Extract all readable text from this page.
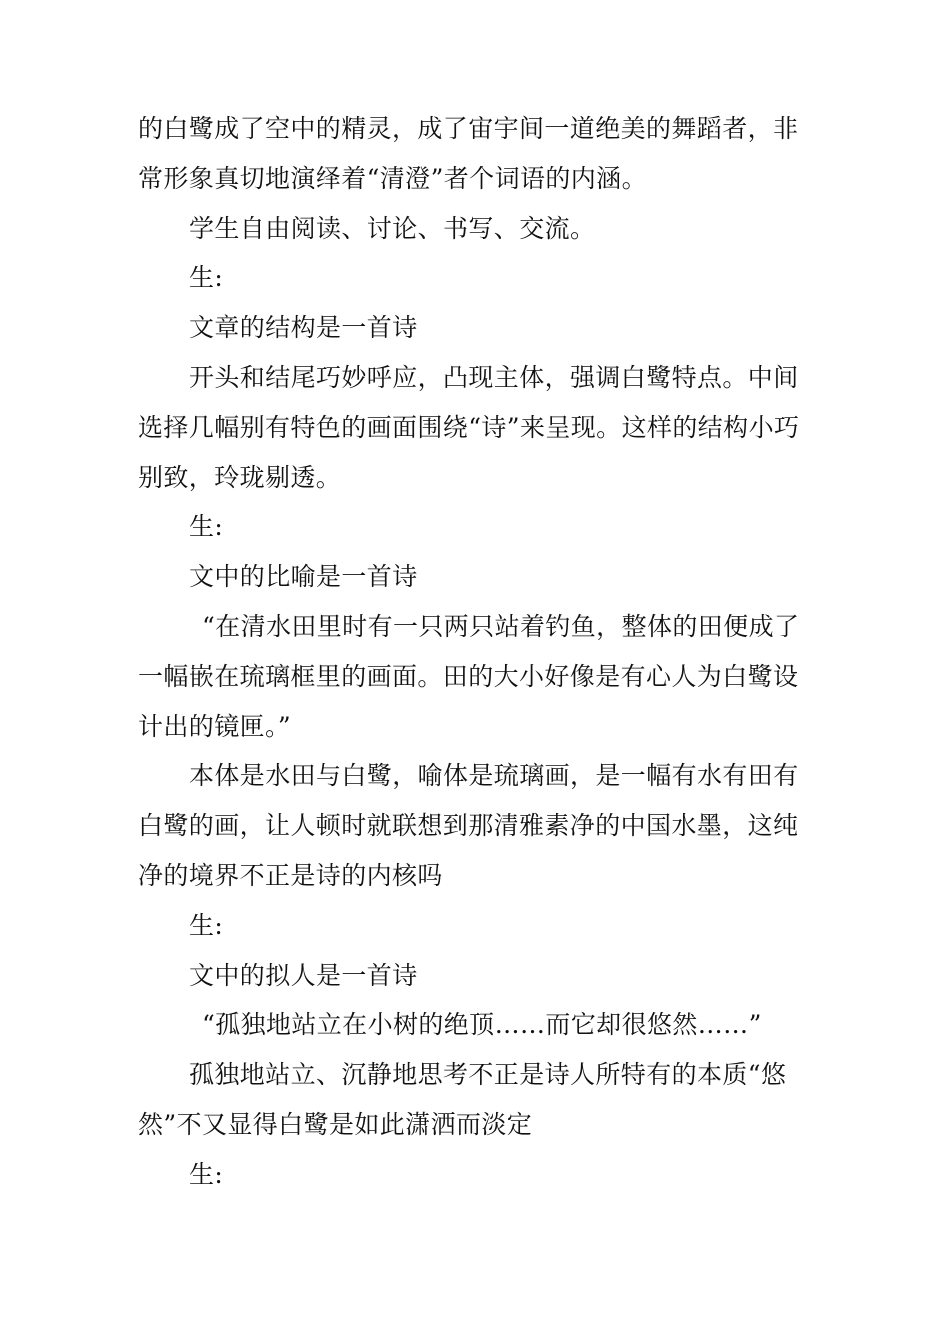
的白鹭成了空中的精灵，成了宙宇间一道绝美的舞蹈者，非常形象真切地演绎着“清澄”者个词语的内涵。

学生自由阅读、讨论、书写、交流。

生:

文章的结构是一首诗

开头和结尾巧妙呼应，凸现主体，强调白鹭特点。中间选择几幅别有特色的画面围绕“诗”来呈现。这样的结构小巧别致，玲珑剔透。

生:

文中的比喻是一首诗

“在清水田里时有一只两只站着钓鱼，整体的田便成了一幅嵌在琉璃框里的画面。田的大小好像是有心人为白鹭设计出的镜匣。”

本体是水田与白鹭，喻体是琉璃画，是一幅有水有田有白鹭的画，让人顿时就联想到那清雅素净的中国水墨，这纯净的境界不正是诗的内核吗

生:

文中的拟人是一首诗

“孤独地站立在小树的绝顶……而它却很悠然……”

孤独地站立、沉静地思考不正是诗人所特有的本质“悠然”不又显得白鹭是如此潇洒而淡定

生:
